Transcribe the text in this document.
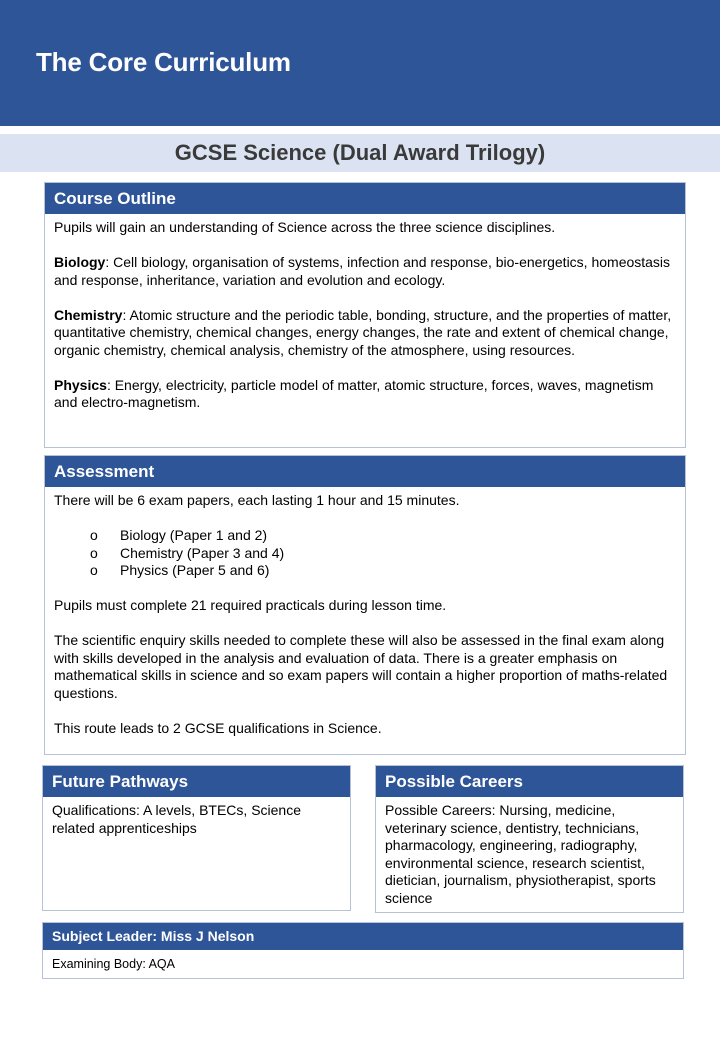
The Core Curriculum
GCSE Science (Dual Award Trilogy)
Course Outline

Pupils will gain an understanding of Science across the three science disciplines.

Biology: Cell biology, organisation of systems, infection and response, bio-energetics, homeostasis and response, inheritance, variation and evolution and ecology.

Chemistry: Atomic structure and the periodic table, bonding, structure, and the properties of matter, quantitative chemistry, chemical changes, energy changes, the rate and extent of chemical change, organic chemistry, chemical analysis, chemistry of the atmosphere, using resources.

Physics: Energy, electricity, particle model of matter, atomic structure, forces, waves, magnetism and electro-magnetism.

Assessment

There will be 6 exam papers, each lasting 1 hour and 15 minutes.

o Biology (Paper 1 and 2)
o Chemistry (Paper 3 and 4)
o Physics (Paper 5 and 6)

Pupils must complete 21 required practicals during lesson time.

The scientific enquiry skills needed to complete these will also be assessed in the final exam along with skills developed in the analysis and evaluation of data. There is a greater emphasis on mathematical skills in science and so exam papers will contain a higher proportion of maths-related questions.

This route leads to 2 GCSE qualifications in Science.

Future Pathways
Qualifications: A levels, BTECs, Science related apprenticeships
Possible Careers
Possible Careers: Nursing, medicine, veterinary science, dentistry, technicians, pharmacology, engineering, radiography, environmental science, research scientist, dietician, journalism, physiotherapist, sports science
Subject Leader: Miss J Nelson
Examining Body: AQA
